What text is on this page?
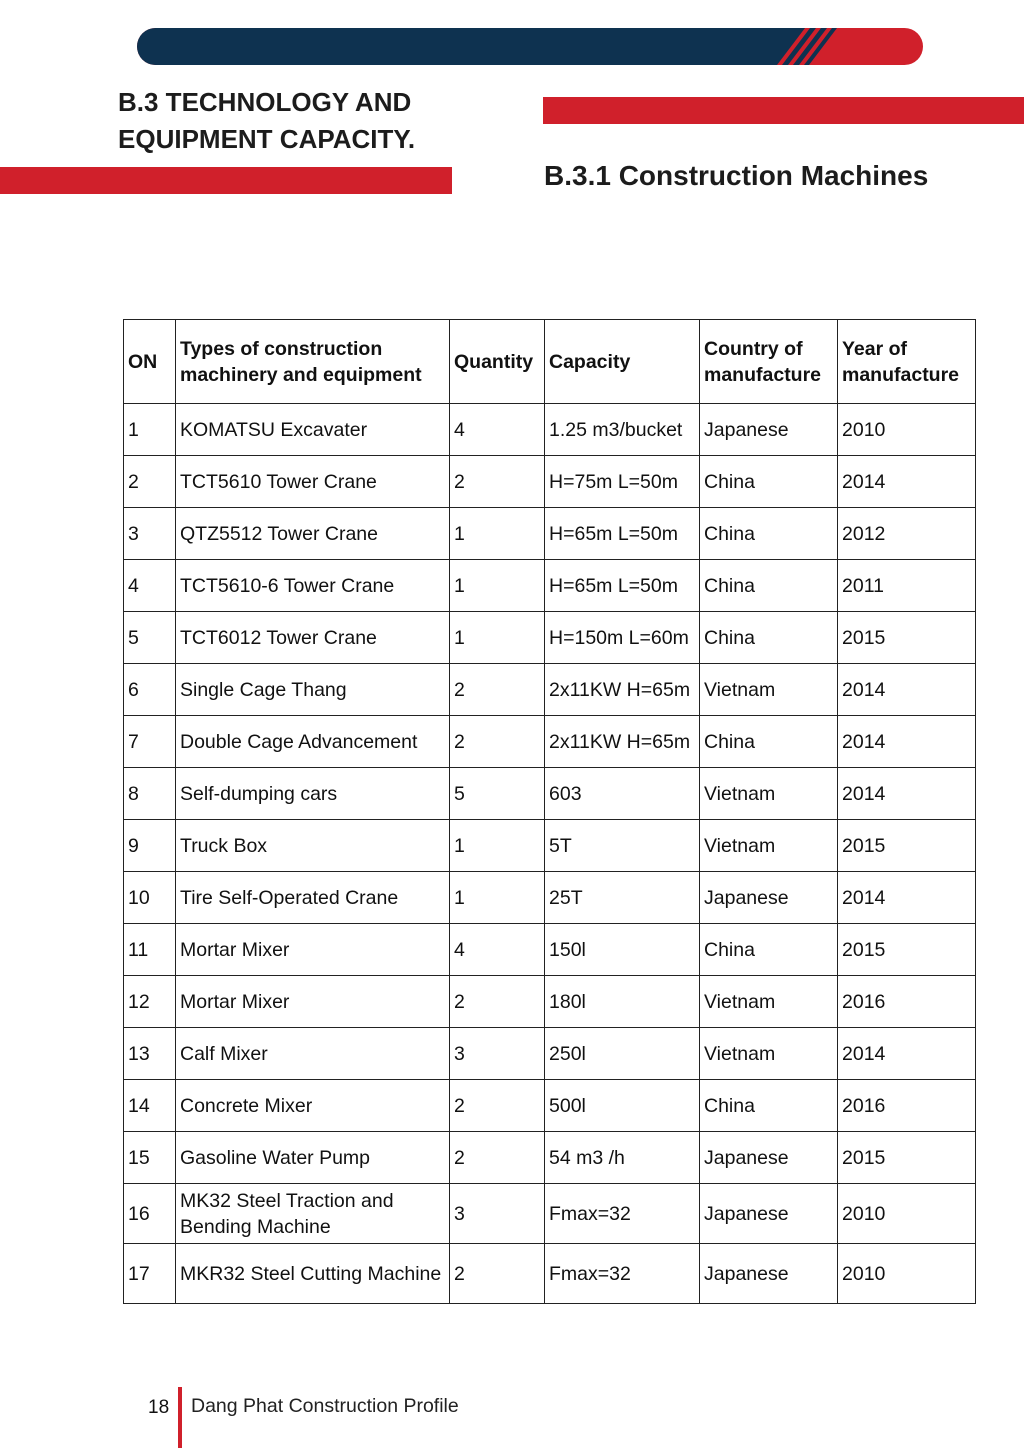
B.3 TECHNOLOGY AND EQUIPMENT CAPACITY.
B.3.1 Construction Machines
ON	Types of construction machinery and equipment	Quantity	Capacity	Country of manufacture	Year of manufacture
1	KOMATSU Excavater	4	1.25 m3/bucket	Japanese	2010
2	TCT5610 Tower Crane	2	H=75m L=50m	China	2014
3	QTZ5512 Tower Crane	1	H=65m L=50m	China	2012
4	TCT5610-6 Tower Crane	1	H=65m L=50m	China	2011
5	TCT6012 Tower Crane	1	H=150m L=60m	China	2015
6	Single Cage Thang	2	2x11KW H=65m	Vietnam	2014
7	Double Cage Advancement	2	2x11KW H=65m	China	2014
8	Self-dumping cars	5	603	Vietnam	2014
9	Truck Box	1	5T	Vietnam	2015
10	Tire Self-Operated Crane	1	25T	Japanese	2014
11	Mortar Mixer	4	150l	China	2015
12	Mortar Mixer	2	180l	Vietnam	2016
13	Calf Mixer	3	250l	Vietnam	2014
14	Concrete Mixer	2	500l	China	2016
15	Gasoline Water Pump	2	54 m3 /h	Japanese	2015
16	MK32 Steel Traction and Bending Machine	3	Fmax=32	Japanese	2010
17	MKR32 Steel Cutting Machine	2	Fmax=32	Japanese	2010
18 Dang Phat Construction Profile
